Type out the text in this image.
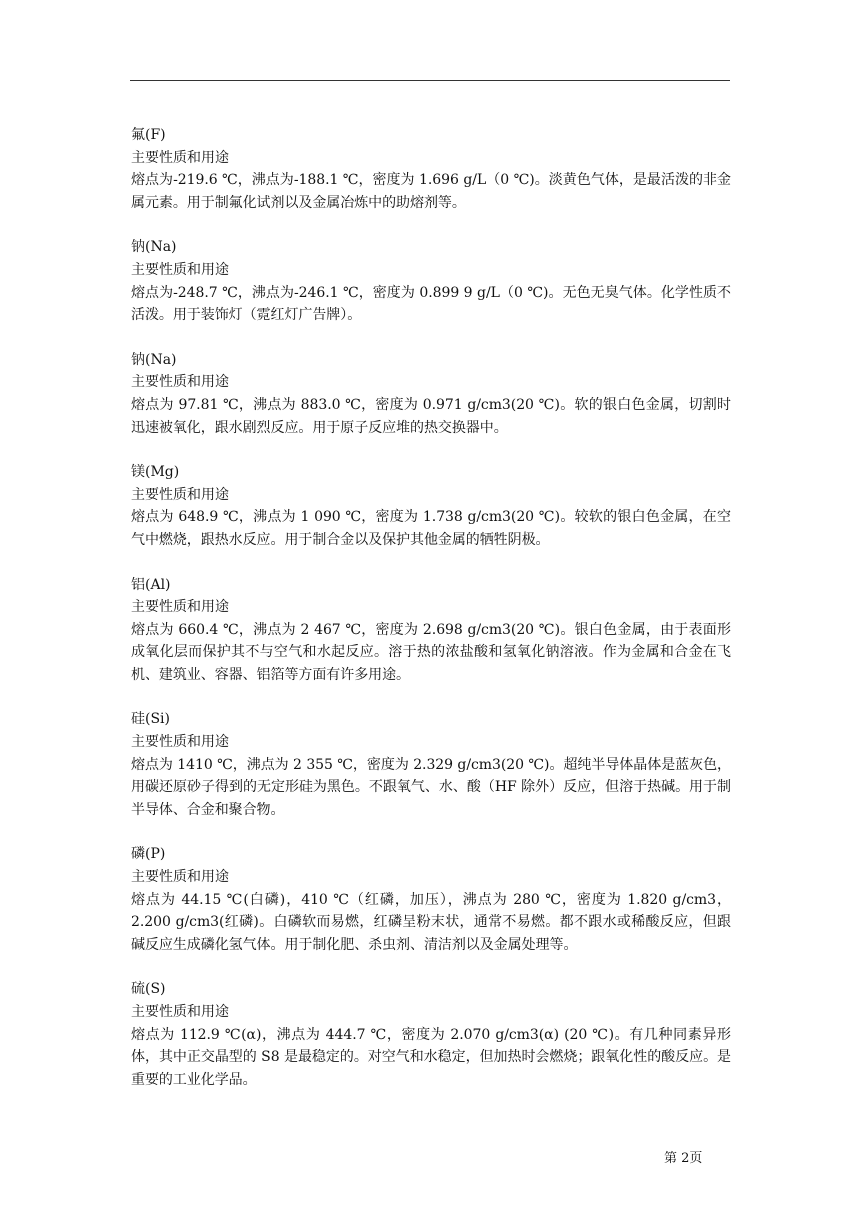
氟(F)

主要性质和用途

熔点为-219.6 ℃，沸点为-188.1 ℃，密度为 1.696 g/L（0 ℃)。淡黄色气体，是最活泼的非金属元素。用于制氟化试剂以及金属冶炼中的助熔剂等。

钠(Na)

主要性质和用途

熔点为-248.7 ℃，沸点为-246.1 ℃，密度为 0.899 9 g/L（0 ℃)。无色无臭气体。化学性质不活泼。用于装饰灯（霓红灯广告牌）。

钠(Na)

主要性质和用途

熔点为 97.81 ℃，沸点为 883.0 ℃，密度为 0.971 g/cm3(20 ℃)。软的银白色金属，切割时迅速被氧化，跟水剧烈反应。用于原子反应堆的热交换器中。

镁(Mg)

主要性质和用途

熔点为 648.9 ℃，沸点为 1 090 ℃，密度为 1.738 g/cm3(20 ℃)。较软的银白色金属，在空气中燃烧，跟热水反应。用于制合金以及保护其他金属的牺牲阴极。

铝(Al)

主要性质和用途

熔点为 660.4 ℃，沸点为 2 467 ℃，密度为 2.698 g/cm3(20 ℃)。银白色金属，由于表面形成氧化层而保护其不与空气和水起反应。溶于热的浓盐酸和氢氧化钠溶液。作为金属和合金在飞机、建筑业、容器、铝箔等方面有许多用途。

硅(Si)

主要性质和用途

熔点为 1410 ℃，沸点为 2 355 ℃，密度为 2.329 g/cm3(20 ℃)。超纯半导体晶体是蓝灰色，用碳还原砂子得到的无定形硅为黑色。不跟氧气、水、酸（HF 除外）反应，但溶于热碱。用于制半导体、合金和聚合物。

磷(P)

主要性质和用途

熔点为 44.15 ℃(白磷)，410 ℃（红磷，加压），沸点为 280 ℃，密度为 1.820 g/cm3，2.200 g/cm3(红磷)。白磷软而易燃，红磷呈粉末状，通常不易燃。都不跟水或稀酸反应，但跟碱反应生成磷化氢气体。用于制化肥、杀虫剂、清洁剂以及金属处理等。

硫(S)

主要性质和用途

熔点为 112.9 ℃(α)，沸点为 444.7 ℃，密度为 2.070 g/cm3(α) (20 ℃)。有几种同素异形体，其中正交晶型的 S8 是最稳定的。对空气和水稳定，但加热时会燃烧；跟氧化性的酸反应。是重要的工业化学品。

第 2页
